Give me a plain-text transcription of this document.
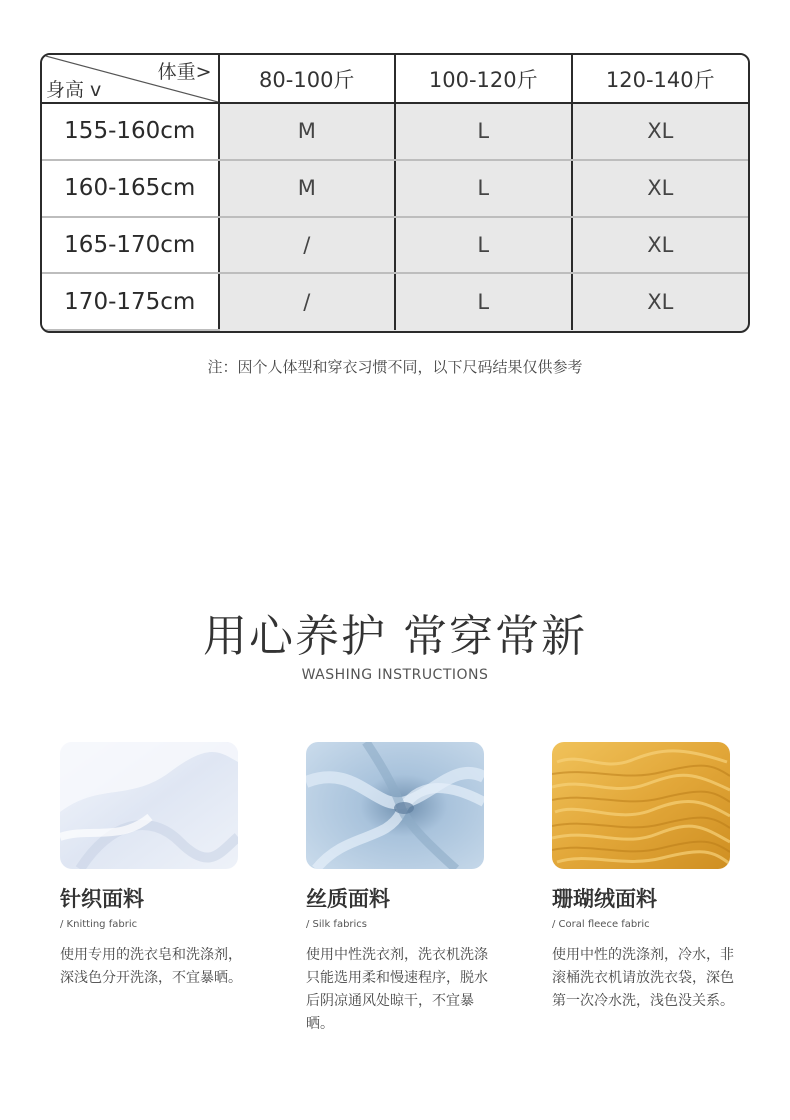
体重>
身高 v	80-100斤	100-120斤	120-140斤
155-160cm	M	L	XL
160-165cm	M	L	XL
165-170cm	/	L	XL
170-175cm	/	L	XL
注：因个人体型和穿衣习惯不同，以下尺码结果仅供参考
用心养护 常穿常新
WASHING INSTRUCTIONS
针织面料
/ Knitting fabric
使用专用的洗衣皂和洗涤剂，深浅色分开洗涤，不宜暴晒。
丝质面料
/ Silk fabrics
使用中性洗衣剂，洗衣机洗涤只能选用柔和慢速程序，脱水后阴凉通风处晾干，不宜暴晒。
珊瑚绒面料
/ Coral fleece fabric
使用中性的洗涤剂，冷水，非滚桶洗衣机请放洗衣袋，深色第一次冷水洗，浅色没关系。
